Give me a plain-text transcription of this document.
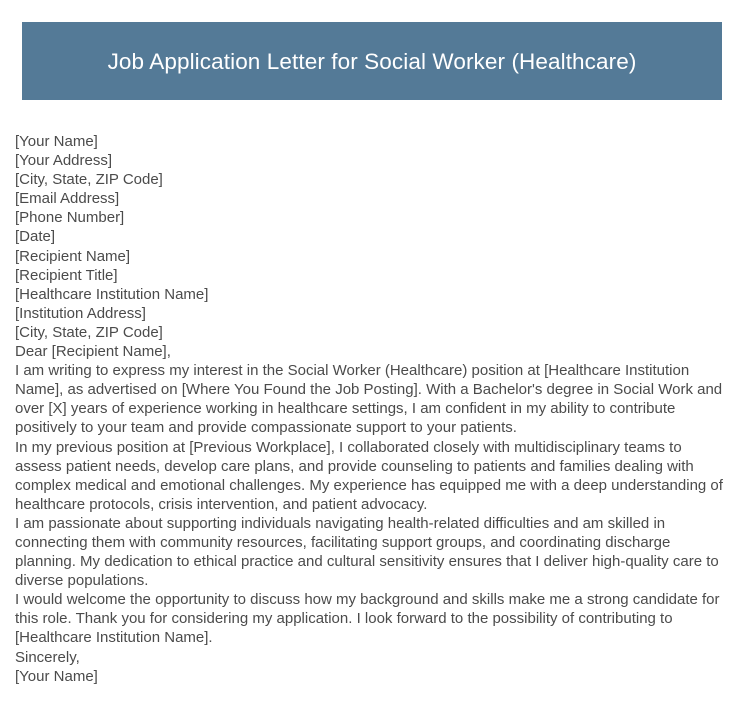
Job Application Letter for Social Worker (Healthcare)
[Your Name]
[Your Address]
[City, State, ZIP Code]
[Email Address]
[Phone Number]
[Date]
[Recipient Name]
[Recipient Title]
[Healthcare Institution Name]
[Institution Address]
[City, State, ZIP Code]
Dear [Recipient Name],
I am writing to express my interest in the Social Worker (Healthcare) position at [Healthcare Institution Name], as advertised on [Where You Found the Job Posting]. With a Bachelor's degree in Social Work and over [X] years of experience working in healthcare settings, I am confident in my ability to contribute positively to your team and provide compassionate support to your patients.
In my previous position at [Previous Workplace], I collaborated closely with multidisciplinary teams to assess patient needs, develop care plans, and provide counseling to patients and families dealing with complex medical and emotional challenges. My experience has equipped me with a deep understanding of healthcare protocols, crisis intervention, and patient advocacy.
I am passionate about supporting individuals navigating health-related difficulties and am skilled in connecting them with community resources, facilitating support groups, and coordinating discharge planning. My dedication to ethical practice and cultural sensitivity ensures that I deliver high-quality care to diverse populations.
I would welcome the opportunity to discuss how my background and skills make me a strong candidate for this role. Thank you for considering my application. I look forward to the possibility of contributing to [Healthcare Institution Name].
Sincerely,
[Your Name]
